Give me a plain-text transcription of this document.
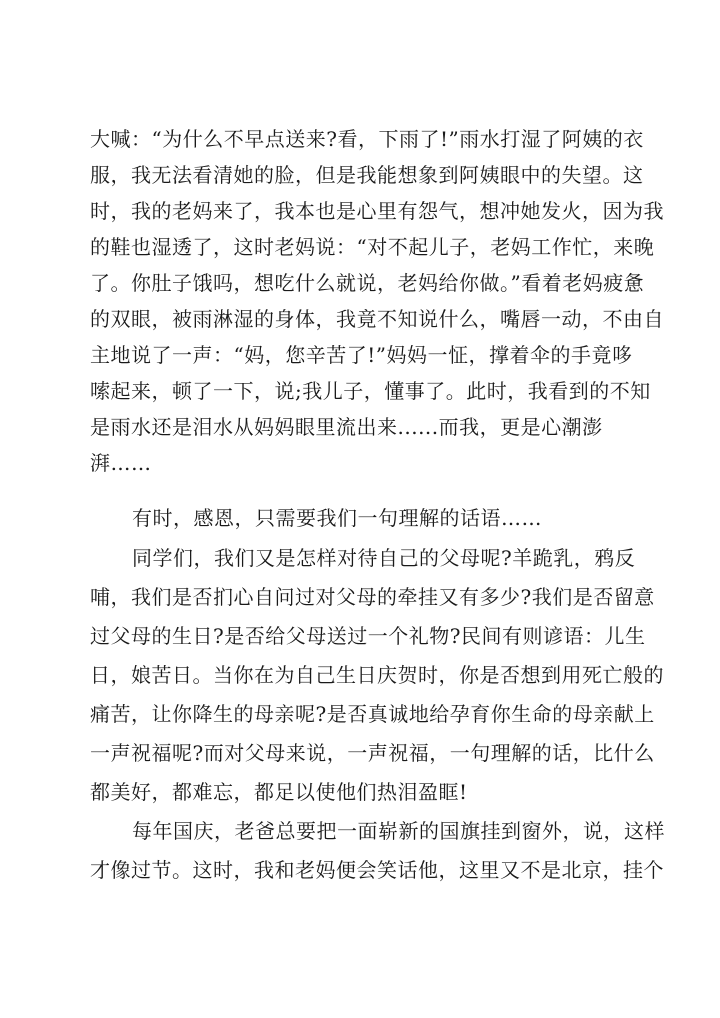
大喊：“为什么不早点送来?看，下雨了!”雨水打湿了阿姨的衣

服，我无法看清她的脸，但是我能想象到阿姨眼中的失望。这

时，我的老妈来了，我本也是心里有怨气，想冲她发火，因为我

的鞋也湿透了，这时老妈说：“对不起儿子，老妈工作忙，来晚

了。你肚子饿吗，想吃什么就说，老妈给你做。”看着老妈疲惫

的双眼，被雨淋湿的身体，我竟不知说什么，嘴唇一动，不由自

主地说了一声：“妈，您辛苦了!”妈妈一怔，撑着伞的手竟哆

嗦起来，顿了一下，说;我儿子，懂事了。此时，我看到的不知

是雨水还是泪水从妈妈眼里流出来......而我，更是心潮澎

湃……

有时，感恩，只需要我们一句理解的话语……

同学们，我们又是怎样对待自己的父母呢?羊跪乳，鸦反

哺，我们是否扪心自问过对父母的牵挂又有多少?我们是否留意

过父母的生日?是否给父母送过一个礼物?民间有则谚语：儿生

日，娘苦日。当你在为自己生日庆贺时，你是否想到用死亡般的

痛苦，让你降生的母亲呢?是否真诚地给孕育你生命的母亲献上

一声祝福呢?而对父母来说，一声祝福，一句理解的话，比什么

都美好，都难忘，都足以使他们热泪盈眶!

每年国庆，老爸总要把一面崭新的国旗挂到窗外，说，这样

才像过节。这时，我和老妈便会笑话他，这里又不是北京，挂个
